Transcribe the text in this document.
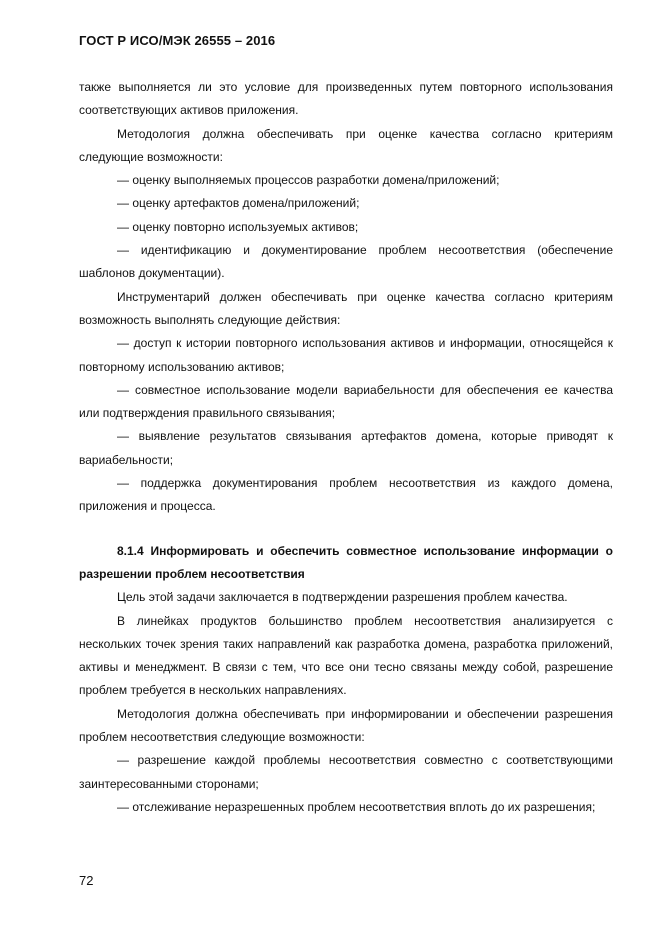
ГОСТ Р ИСО/МЭК 26555 – 2016

также выполняется ли это условие для произведенных путем повторного использования соответствующих активов приложения.

Методология должна обеспечивать при оценке качества согласно критериям следующие возможности:

— оценку выполняемых процессов разработки домена/приложений;

— оценку артефактов домена/приложений;

— оценку повторно используемых активов;

— идентификацию и документирование проблем несоответствия (обеспечение шаблонов документации).

Инструментарий должен обеспечивать при оценке качества согласно критериям возможность выполнять следующие действия:

— доступ к истории повторного использования активов и информации, относящейся к повторному использованию активов;

— совместное использование модели вариабельности для обеспечения ее качества или подтверждения правильного связывания;

— выявление результатов связывания артефактов домена, которые приводят к вариабельности;

— поддержка документирования проблем несоответствия из каждого домена, приложения и процесса.

8.1.4 Информировать и обеспечить совместное использование информации о разрешении проблем несоответствия

Цель этой задачи заключается в подтверждении разрешения проблем качества.

В линейках продуктов большинство проблем несоответствия анализируется с нескольких точек зрения таких направлений как разработка домена, разработка приложений, активы и менеджмент. В связи с тем, что все они тесно связаны между собой, разрешение проблем требуется в нескольких направлениях.

Методология должна обеспечивать при информировании и обеспечении разрешения проблем несоответствия следующие возможности:

— разрешение каждой проблемы несоответствия совместно с соответствующими заинтересованными сторонами;

— отслеживание неразрешенных проблем несоответствия вплоть до их разрешения;

72
